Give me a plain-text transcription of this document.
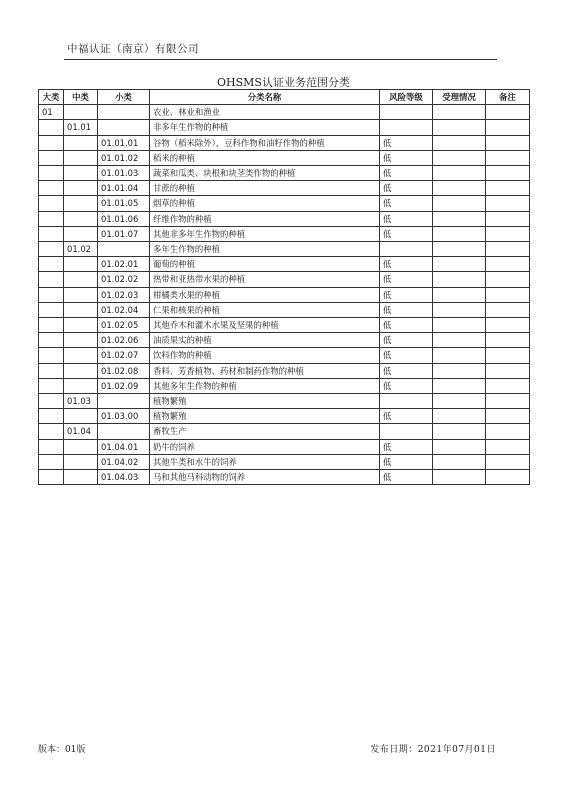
中福认证（南京）有限公司
OHSMS认证业务范围分类
大类	中类	小类	分类名称	风险等级	受理情况	备注
01			农业、林业和渔业			
	01.01		非多年生作物的种植			
		01.01.01	谷物（稻米除外），豆科作物和油籽作物的种植	低		
		01.01.02	稻米的种植	低		
		01.01.03	蔬菜和瓜类、块根和块茎类作物的种植	低		
		01.01.04	甘蔗的种植	低		
		01.01.05	烟草的种植	低		
		01.01.06	纤维作物的种植	低		
		01.01.07	其他非多年生作物的种植	低		
	01.02		多年生作物的种植			
		01.02.01	葡萄的种植	低		
		01.02.02	热带和亚热带水果的种植	低		
		01.02.03	柑橘类水果的种植	低		
		01.02.04	仁果和核果的种植	低		
		01.02.05	其他乔木和灌木水果及坚果的种植	低		
		01.02.06	油质果实的种植	低		
		01.02.07	饮料作物的种植	低		
		01.02.08	香料、芳香植物、药材和制药作物的种植	低		
		01.02.09	其他多年生作物的种植	低		
	01.03		植物繁殖			
		01.03.00	植物繁殖	低		
	01.04		畜牧生产			
		01.04.01	奶牛的饲养	低		
		01.04.02	其他牛类和水牛的饲养	低		
		01.04.03	马和其他马科动物的饲养	低		
版本：01版	发布日期：2021年07月01日
